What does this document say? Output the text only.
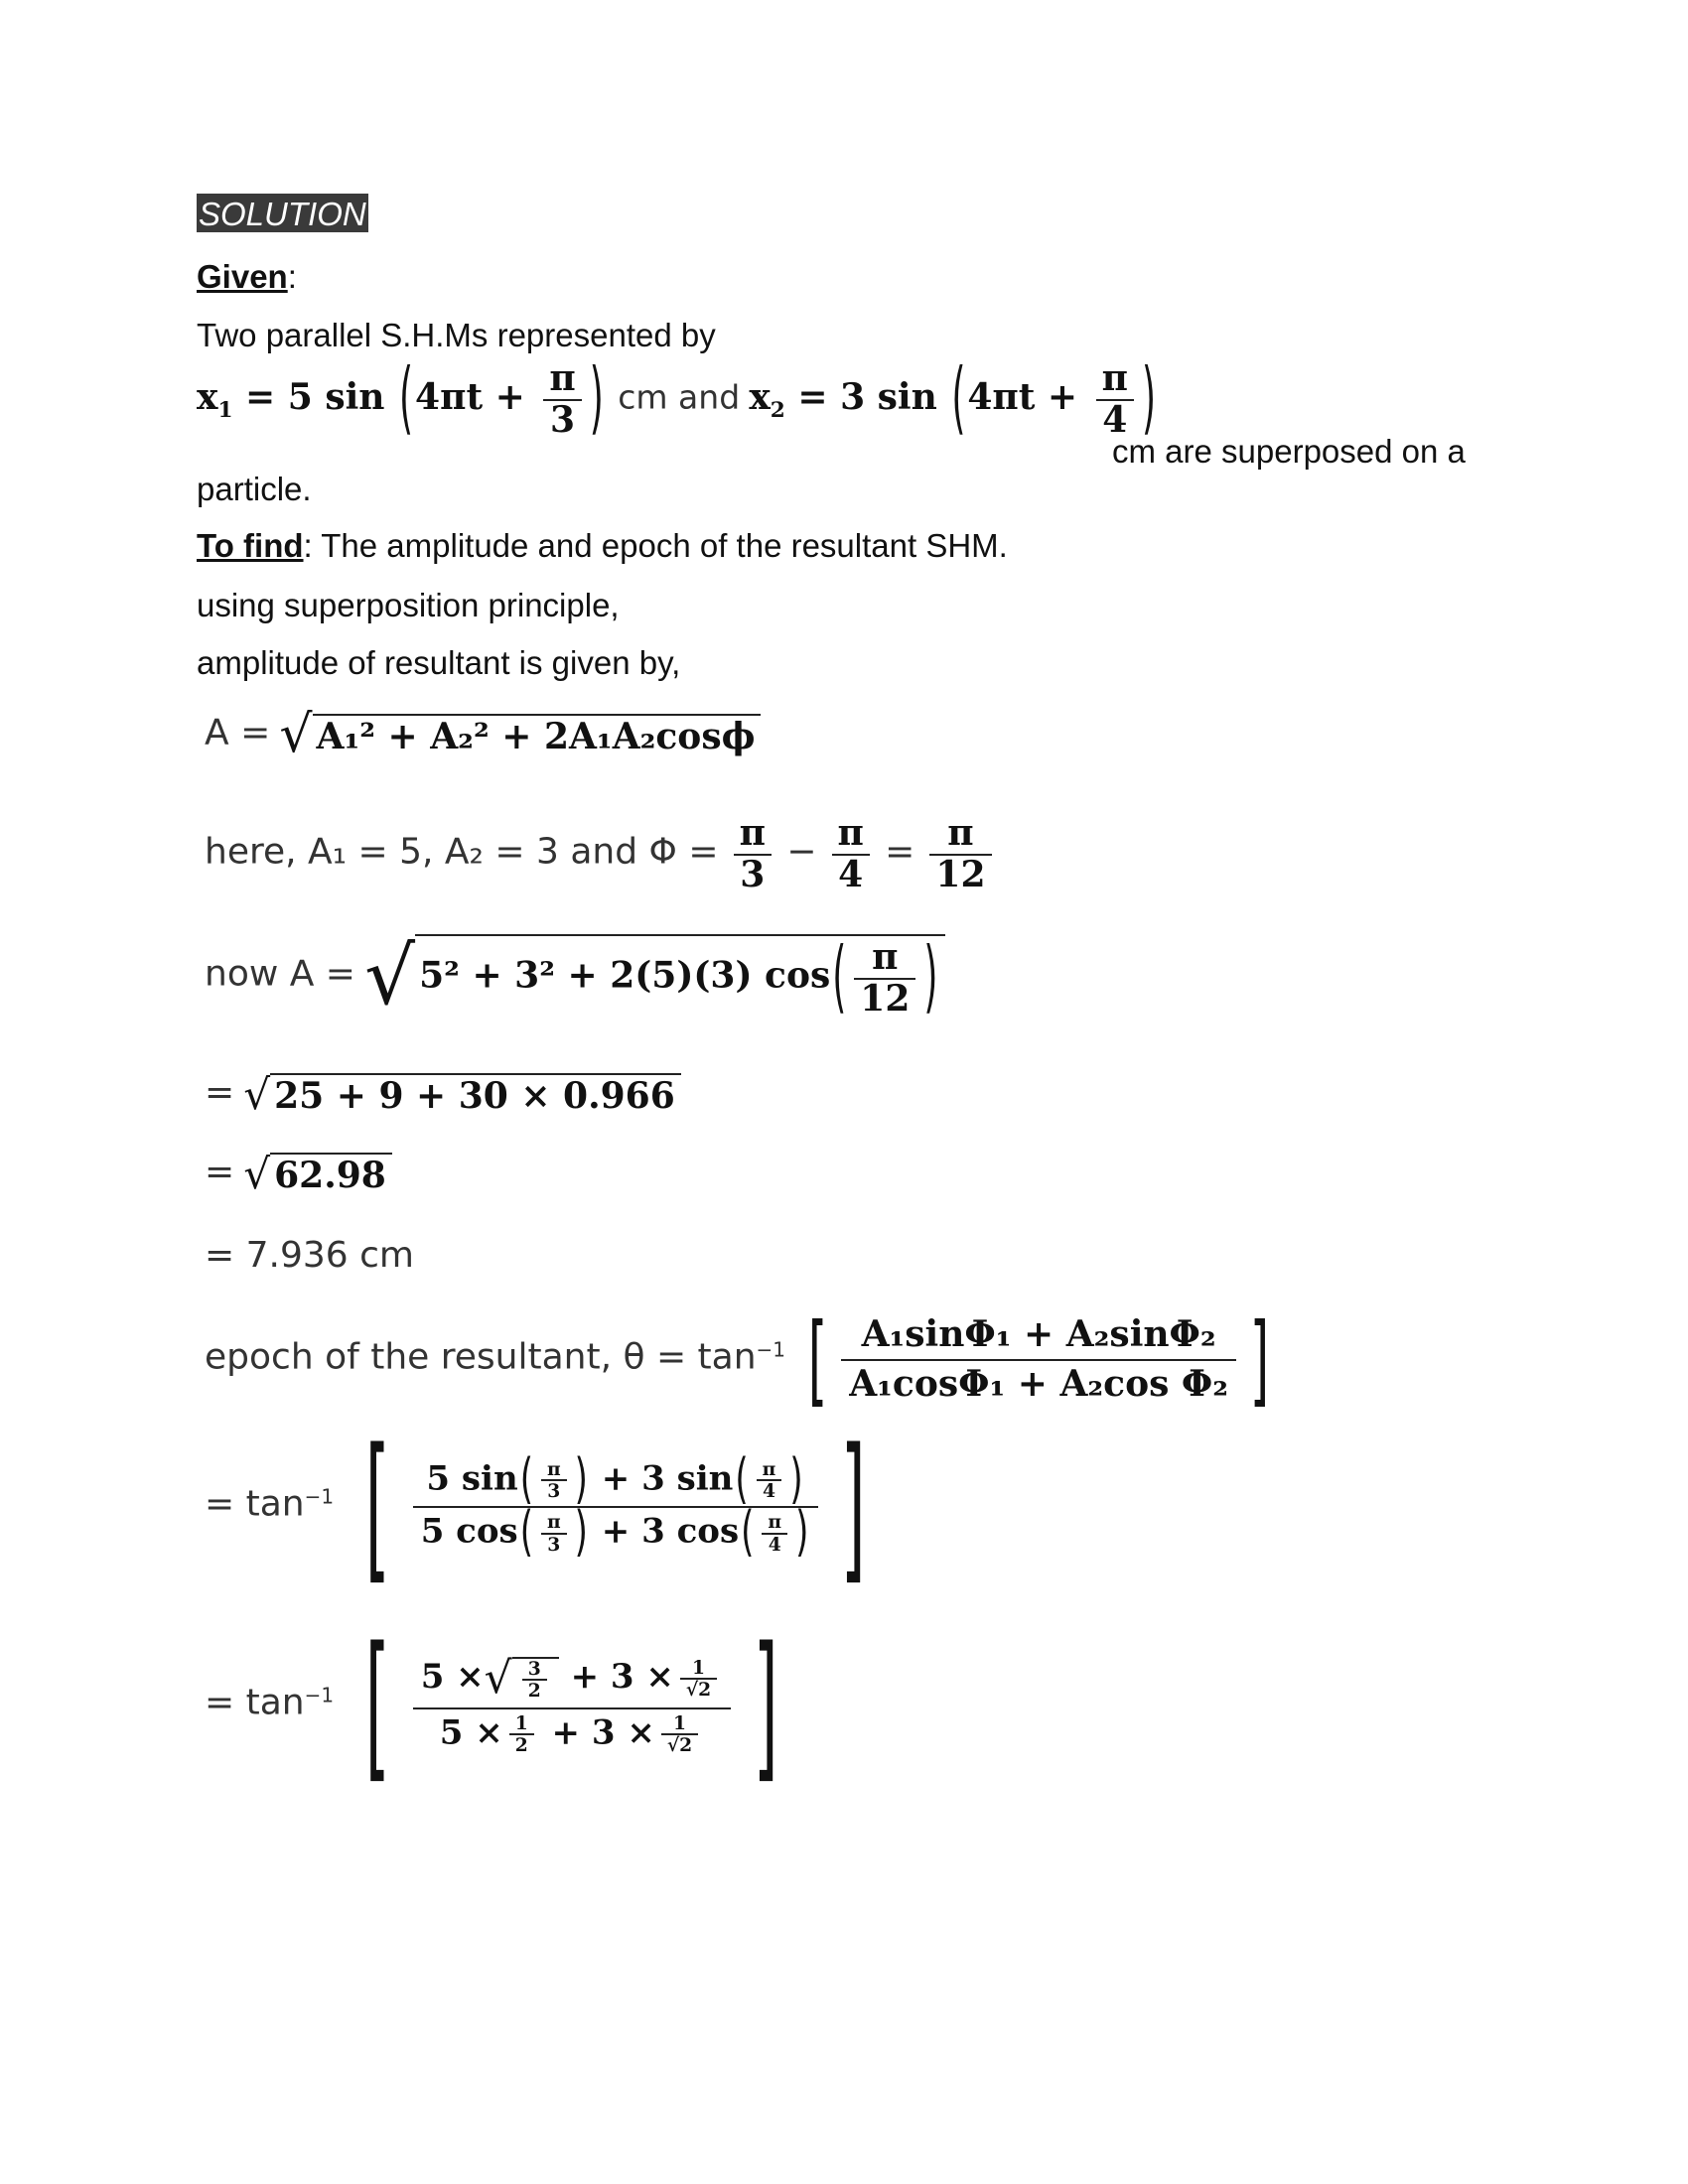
SOLUTION
Given:
Two parallel S.H.Ms represented by
$x_1 = 5$ $\sin (4\pi t + \frac{\pi}{3}$ ) cm and $x_2 = 3$ $\sin (4\pi t + \frac{\pi}{4}$ )
cm are superposed on a
particle.
To find: The amplitude and epoch of the resultant SHM.
using superposition principle,
amplitude of resultant is given by,
A = √ A₁² + A₂² + 2A₁A₂cosϕ
here, A₁ = 5, A₂ = 3 and $\Phi = \frac{\pi}{3} - \frac{\pi}{4} = \frac{\pi}{12}$
now A = √ 5² + 3² + 2(5)(3) $\cos( \frac{\pi}{12}$ )
= √ 25 + 9 + 30 × 0.966
= √ 62.98
= 7.936 cm
epoch of the resultant, $\theta = \tan^{-1}$ [ $\frac{\text{A₁sinΦ₁ + A₂sinΦ₂}}{\text{A₁cosΦ₁ + A₂cos Φ₂}}$ ]
= $\tan^{-1}$ [ $\frac{5 \sin( \frac{\pi}{3} ) + 3 \sin( \frac{\pi}{4} )}{5 \cos( \frac{\pi}{3} ) + 3 \cos( \frac{\pi}{4} )}$ ]
= $\tan^{-1}$ [ $\frac{5 \times√ \frac{3}{2} + 3 \times \frac{1}{√2}}{5 \times \frac{1}{2} + 3 \times \frac{1}{√2}}$ ]
